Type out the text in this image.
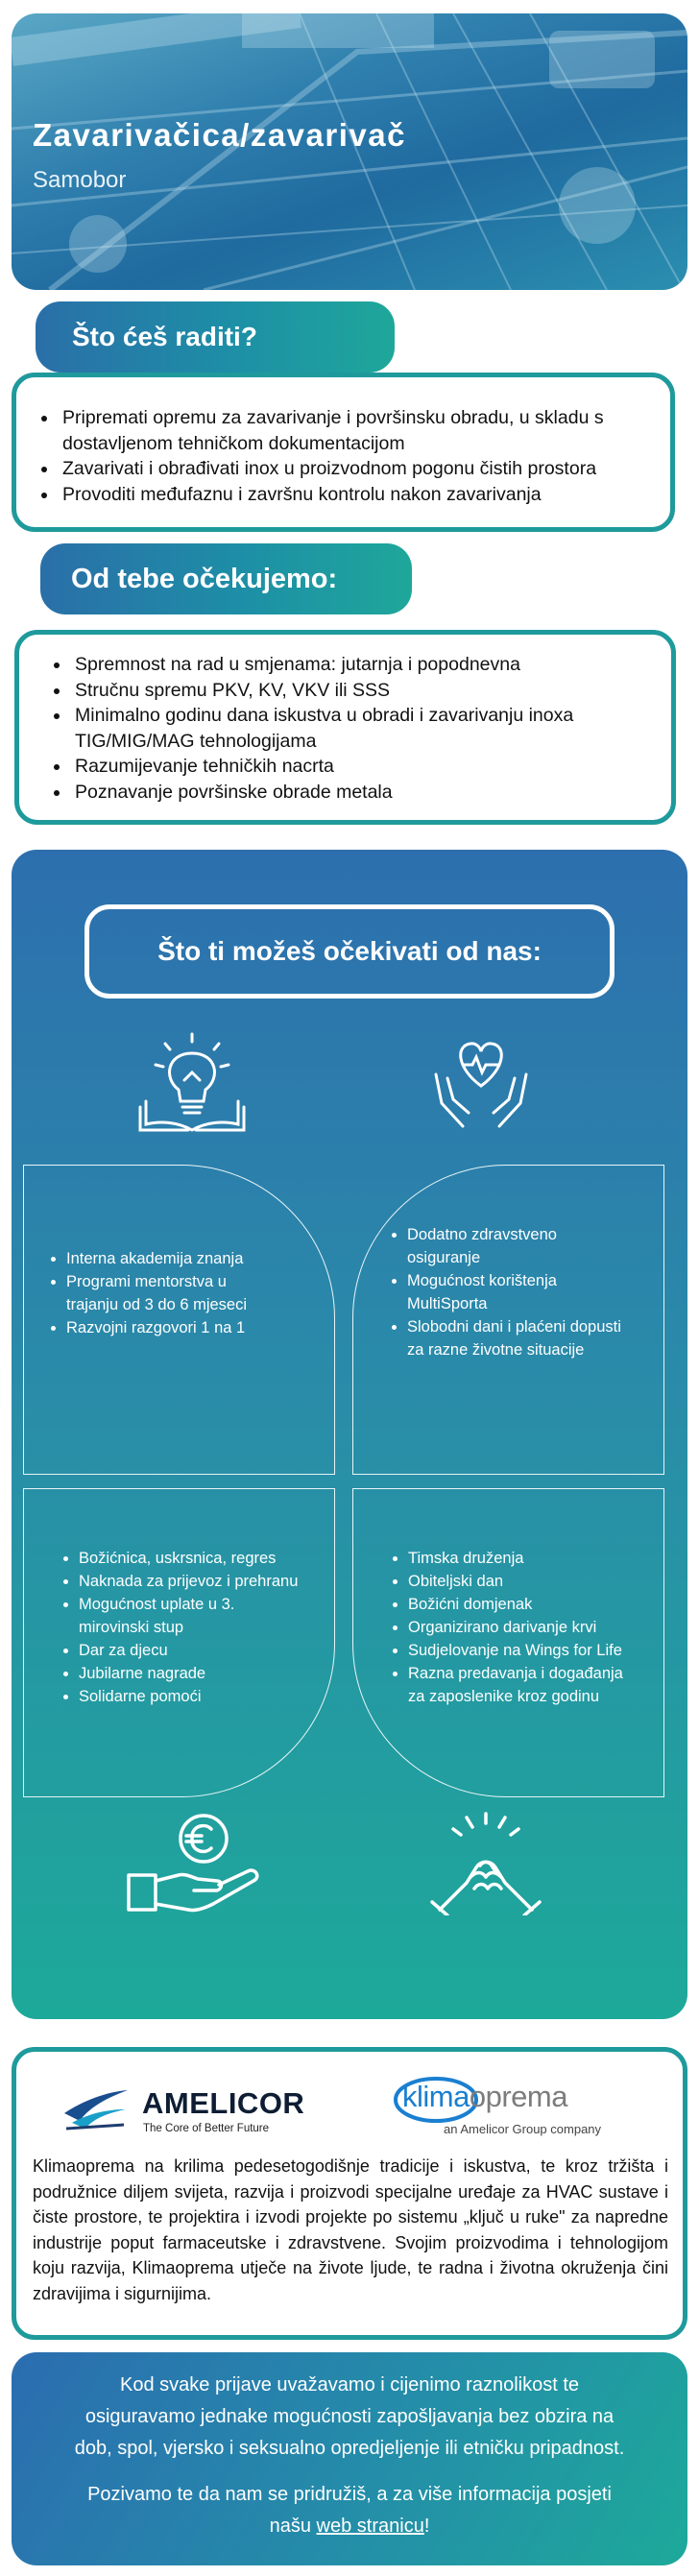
Zavarivačica/zavarivač
Samobor
Što ćeš raditi?
Pripremati opremu za zavarivanje i površinsku obradu, u skladu s dostavljenom tehničkom dokumentacijom
Zavarivati i obrađivati inox u proizvodnom pogonu čistih prostora
Provoditi međufaznu i završnu kontrolu nakon zavarivanja
Od tebe očekujemo:
Spremnost na rad u smjenama: jutarnja i popodnevna
Stručnu spremu PKV, KV, VKV ili SSS
Minimalno godinu dana iskustva u obradi i zavarivanju inoxa TIG/MIG/MAG tehnologijama
Razumijevanje tehničkih nacrta
Poznavanje površinske obrade metala
Što ti možeš očekivati od nas:
Interna akademija znanja
Programi mentorstva u trajanju od 3 do 6 mjeseci
Razvojni razgovori 1 na 1
Dodatno zdravstveno osiguranje
Mogućnost korištenja MultiSporta
Slobodni dani i plaćeni dopusti za razne životne situacije
Božićnica, uskrsnica, regres
Naknada za prijevoz i prehranu
Mogućnost uplate u 3. mirovinski stup
Dar za djecu
Jubilarne nagrade
Solidarne pomoći
Timska druženja
Obiteljski dan
Božićni domjenak
Organizirano darivanje krvi
Sudjelovanje na Wings for Life
Razna predavanja i događanja za zaposlenike kroz godinu
AMELICOR
The Core of Better Future
klimaoprema
an Amelicor Group company

Klimaoprema na krilima pedesetogodišnje tradicije i iskustva, te kroz tržišta i podružnice diljem svijeta, razvija i proizvodi specijalne uređaje za HVAC sustave i čiste prostore, te projektira i izvodi projekte po sistemu „ključ u ruke" za napredne industrije poput farmaceutske i zdravstvene. Svojim proizvodima i tehnologijom koju razvija, Klimaoprema utječe na živote ljude, te radna i životna okruženja čini zdravijima i sigurnijima.

Kod svake prijave uvažavamo i cijenimo raznolikost te osiguravamo jednake mogućnosti zapošljavanja bez obzira na dob, spol, vjersko i seksualno opredjeljenje ili etničku pripadnost.

Pozivamo te da nam se pridružiš, a za više informacija posjeti našu web stranicu!
